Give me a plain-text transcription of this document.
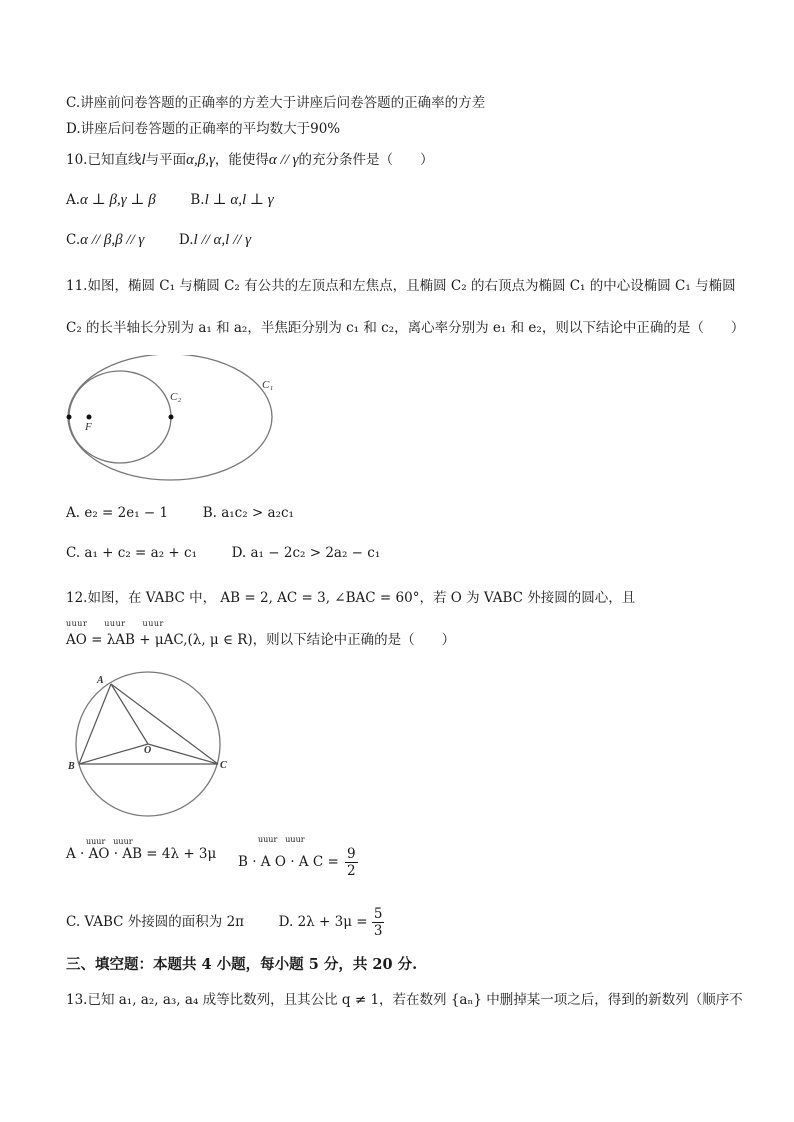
C.讲座前问卷答题的正确率的方差大于讲座后问卷答题的正确率的方差
D.讲座后问卷答题的正确率的平均数大于90%
10.已知直线l与平面α,β,γ，能使得α // γ的充分条件是（　　）
A.α ⊥ β,γ ⊥ β	B.l ⊥ α,l ⊥ γ
C.α // β,β // γ	D.l // α,l // γ
11.如图，椭圆 C₁ 与椭圆 C₂ 有公共的左顶点和左焦点，且椭圆 C₂ 的右顶点为椭圆 C₁ 的中心设椭圆 C₁ 与椭圆
C₂ 的长半轴长分别为 a₁ 和 a₂，半焦距分别为 c₁ 和 c₂，离心率分别为 e₁ 和 e₂，则以下结论中正确的是（　　）
F
C₂
C₁
A. e₂ = 2e₁ − 1	B. a₁c₂ > a₂c₁
C. a₁ + c₂ = a₂ + c₁	D. a₁ − 2c₂ > 2a₂ − c₁
12.如图，在 VABC 中， AB = 2, AC = 3, ∠BAC = 60°，若 O 为 VABC 外接圆的圆心，且
uuur　　uuur　　uuur
AO = λAB + μAC,(λ, μ ∈ R)，则以下结论中正确的是（　　）
A
B	C
O
uuur　uuur
A · AO · AB = 4λ + 3μ
uuur　uuur
B · A O · A $C = \frac{9}{2}$
C. VABC 外接圆的面积为 2π	D. $2\lambda + 3\mu = \frac{5}{3}$
三、填空题：本题共 4 小题，每小题 5 分，共 20 分.
13.已知 a₁, a₂, a₃, a₄ 成等比数列，且其公比 q ≠ 1，若在数列 {aₙ} 中删掉某一项之后，得到的新数列（顺序不
